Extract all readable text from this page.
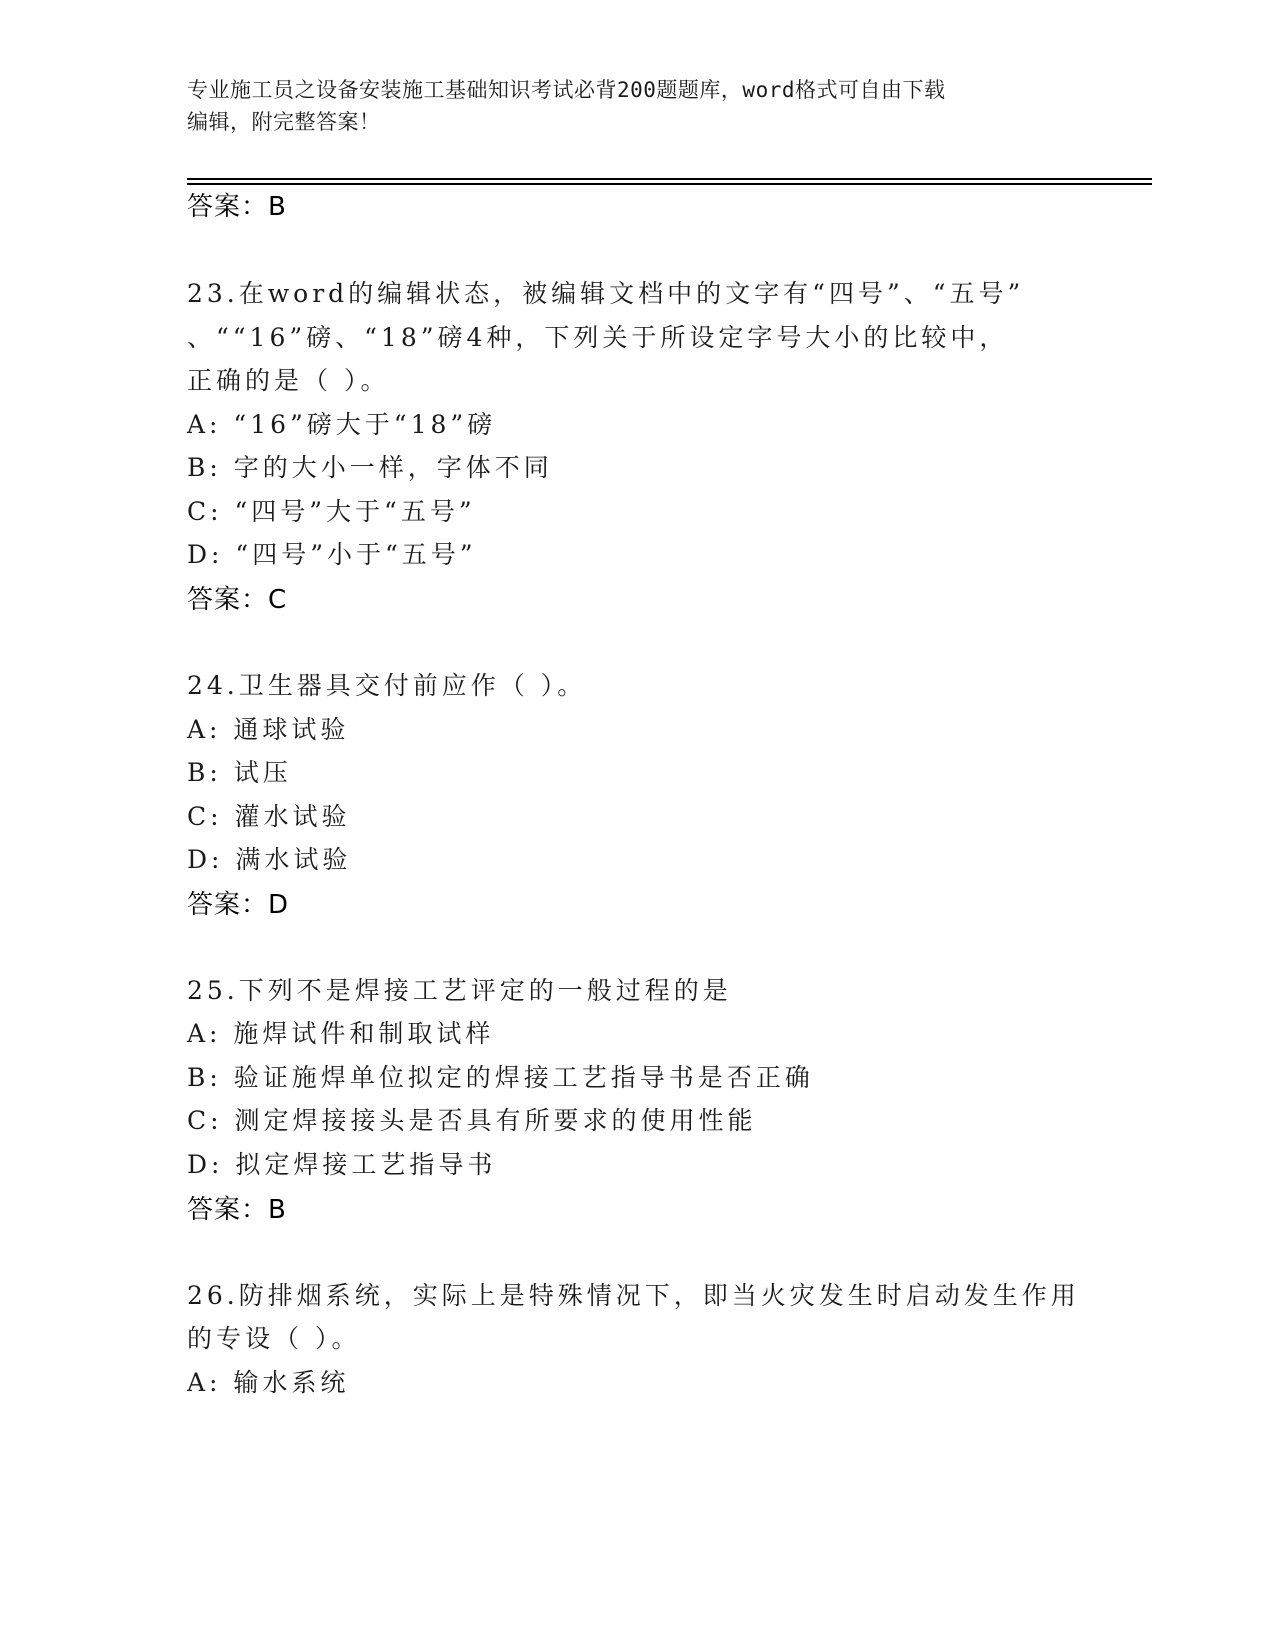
专业施工员之设备安装施工基础知识考试必背200题题库，word格式可自由下载
编辑，附完整答案！
答案：B
23.在word的编辑状态，被编辑文档中的文字有“四号”、“五号”
、““16”磅、“18”磅4种，下列关于所设定字号大小的比较中，
正确的是（ ）。
A: “16”磅大于“18”磅
B: 字的大小一样，字体不同
C: “四号”大于“五号”
D: “四号”小于“五号”
答案：C
24.卫生器具交付前应作（ ）。
A: 通球试验
B: 试压
C: 灌水试验
D: 满水试验
答案：D
25.下列不是焊接工艺评定的一般过程的是
A: 施焊试件和制取试样
B: 验证施焊单位拟定的焊接工艺指导书是否正确
C: 测定焊接接头是否具有所要求的使用性能
D: 拟定焊接工艺指导书
答案：B
26.防排烟系统，实际上是特殊情况下，即当火灾发生时启动发生作用
的专设（ ）。
A: 输水系统
